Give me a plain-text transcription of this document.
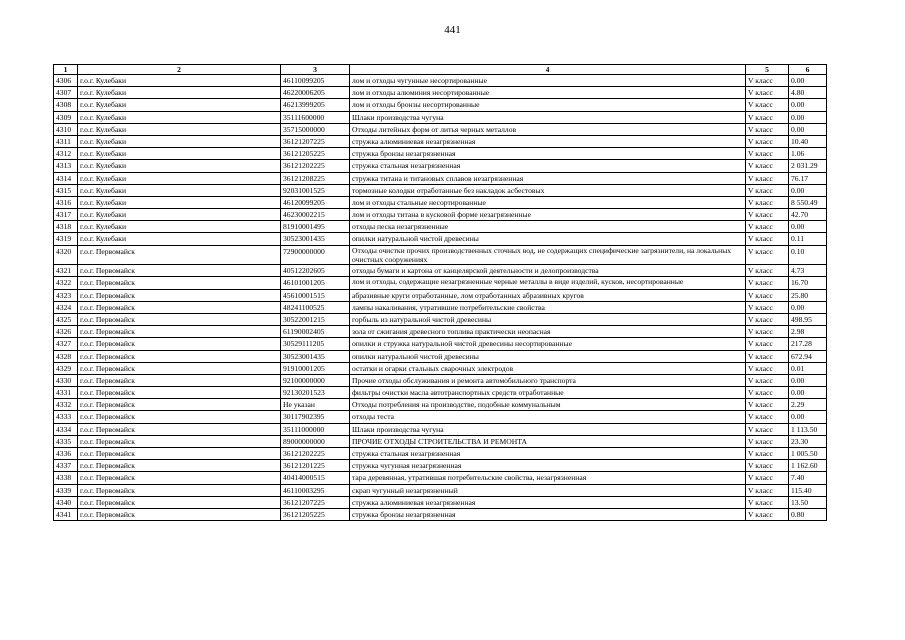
441
1	2	3	4	5	6
4306	г.о.г. Кулебаки	46110099205	лом и отходы чугунные несортированные	V класс	0.00
4307	г.о.г. Кулебаки	46220006205	лом и отходы алюминия несортированные	V класс	4.80
4308	г.о.г. Кулебаки	46213999205	лом и отходы бронзы несортированные	V класс	0.00
4309	г.о.г. Кулебаки	35111600000	Шлаки производства чугуна	V класс	0.00
4310	г.о.г. Кулебаки	35715000000	Отходы литейных форм от литья черных металлов	V класс	0.00
4311	г.о.г. Кулебаки	36121207225	стружка алюминиевая незагрязненная	V класс	10.40
4312	г.о.г. Кулебаки	36121205225	стружка бронзы незагрязненная	V класс	1.06
4313	г.о.г. Кулебаки	36121202225	стружка стальная незагрязненная	V класс	2 031.29
4314	г.о.г. Кулебаки	36121208225	стружка титана и титановых сплавов незагрязненная	V класс	76.17
4315	г.о.г. Кулебаки	92031001525	тормозные колодки отработанные без накладок асбестовых	V класс	0.00
4316	г.о.г. Кулебаки	46120099205	лом и отходы стальные несортированные	V класс	8 550.49
4317	г.о.г. Кулебаки	46230002215	лом и отходы титана в кусковой форме незагрязненные	V класс	42.70
4318	г.о.г. Кулебаки	81910001495	отходы песка незагрязненные	V класс	0.00
4319	г.о.г. Кулебаки	30523001435	опилки натуральной чистой древесины	V класс	0.11
4320	г.о.г. Первомайск	72900000000	Отходы очистки прочих производственных сточных вод, не содержащих специфические загрязнители, на локальных очистных сооружениях	V класс	0.10
4321	г.о.г. Первомайск	40512202605	отходы бумаги и картона от канцелярской деятельности и делопроизводства	V класс	4.73
4322	г.о.г. Первомайск	46101001205	лом и отходы, содержащие незагрязненные черные металлы в виде изделий, кусков, несортированные	V класс	16.70
4323	г.о.г. Первомайск	45610001515	абразивные круги отработанные, лом отработанных абразивных кругов	V класс	25.80
4324	г.о.г. Первомайск	48241100525	лампы накаливания, утратившие потребительские свойства	V класс	0.00
4325	г.о.г. Первомайск	30522001215	горбыль из натуральной чистой древесины	V класс	498.95
4326	г.о.г. Первомайск	61190002405	зола от сжигания древесного топлива практически неопасная	V класс	2.98
4327	г.о.г. Первомайск	30529111205	опилки и стружка натуральной чистой древесины несортированные	V класс	217.28
4328	г.о.г. Первомайск	30523001435	опилки натуральной чистой древесины	V класс	672.94
4329	г.о.г. Первомайск	91910001205	остатки и огарки стальных сварочных электродов	V класс	0.01
4330	г.о.г. Первомайск	92100000000	Прочие отходы обслуживания и ремонта автомобильного транспорта	V класс	0.00
4331	г.о.г. Первомайск	92130201523	фильтры очистки масла автотранспортных средств отработанные	V класс	0.00
4332	г.о.г. Первомайск	Не указан	Отходы потребления на производстве, подобные коммунальным	V класс	2.29
4333	г.о.г. Первомайск	30117902395	отходы теста	V класс	0.00
4334	г.о.г. Первомайск	35111000000	Шлаки производства чугуна	V класс	1 113.50
4335	г.о.г. Первомайск	89000000000	ПРОЧИЕ ОТХОДЫ СТРОИТЕЛЬСТВА И РЕМОНТА	V класс	23.30
4336	г.о.г. Первомайск	36121202225	стружка стальная незагрязненная	V класс	1 005.50
4337	г.о.г. Первомайск	36121201225	стружка чугунная незагрязненная	V класс	1 162.60
4338	г.о.г. Первомайск	40414000515	тара деревянная, утратившая потребительские свойства, незагрязненная	V класс	7.40
4339	г.о.г. Первомайск	46110003295	скрап чугунный незагрязненный	V класс	115.40
4340	г.о.г. Первомайск	36121207225	стружка алюминиевая незагрязненная	V класс	13.50
4341	г.о.г. Первомайск	36121205225	стружка бронзы незагрязненная	V класс	0.80
